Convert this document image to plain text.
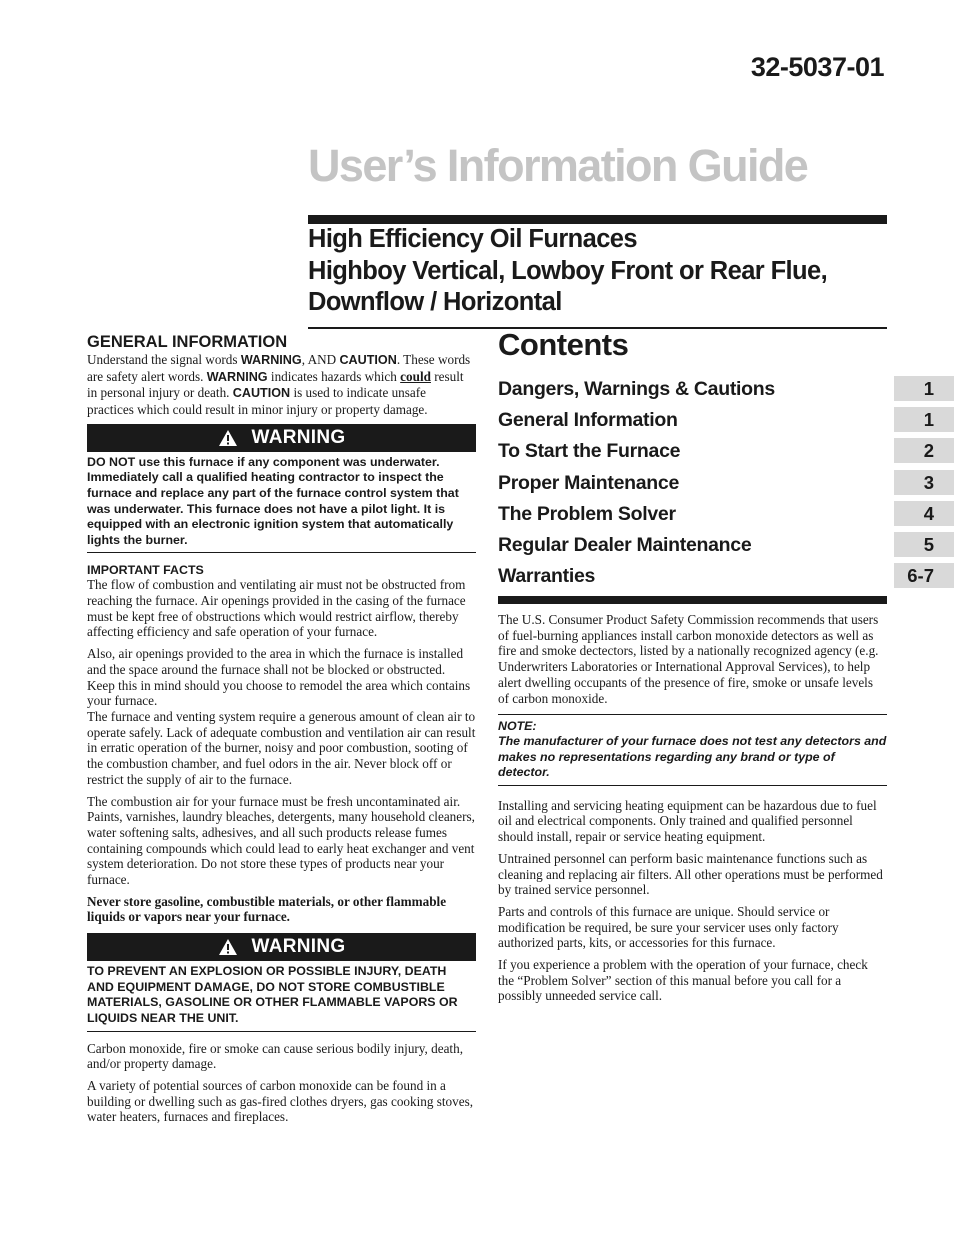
32-5037-01
User’s Information Guide
High Efficiency Oil Furnaces
Highboy Vertical, Lowboy Front or Rear Flue,
Downflow / Horizontal
GENERAL INFORMATION

Understand the signal words WARNING, AND CAUTION. These words are safety alert words. WARNING indicates hazards which could result in personal injury or death. CAUTION is used to indicate unsafe practices which could result in minor injury or property damage.

WARNING

DO NOT use this furnace if any component was underwater. Immediately call a qualified heating contractor to inspect the furnace and replace any part of the furnace control system that was underwater. This furnace does not have a pilot light. It is equipped with an electronic ignition system that automatically lights the burner.

IMPORTANT FACTS

The flow of combustion and ventilating air must not be obstructed from reaching the furnace. Air openings provided in the casing of the furnace must be kept free of obstructions which would restrict airflow, thereby affecting efficiency and safe operation of your furnace.

Also, air openings provided to the area in which the furnace is installed and the space around the furnace shall not be blocked or obstructed. Keep this in mind should you choose to remodel the area which contains your furnace.

The furnace and venting system require a generous amount of clean air to operate safely. Lack of adequate combustion and ventilation air can result in erratic operation of the burner, noisy and poor combustion, sooting of the combustion chamber, and fuel odors in the air. Never block off or restrict the supply of air to the furnace.

The combustion air for your furnace must be fresh uncontaminated air. Paints, varnishes, laundry bleaches, detergents, many household cleaners, water softening salts, adhesives, and all such products release fumes containing compounds which could lead to early heat exchanger and vent system deterioration. Do not store these types of products near your furnace.

Never store gasoline, combustible materials, or other flammable liquids or vapors near your furnace.

WARNING

TO PREVENT AN EXPLOSION OR POSSIBLE INJURY, DEATH AND EQUIPMENT DAMAGE, DO NOT STORE COMBUSTIBLE MATERIALS, GASOLINE OR OTHER FLAMMABLE VAPORS OR LIQUIDS NEAR THE UNIT.

Carbon monoxide, fire or smoke can cause serious bodily injury, death, and/or property damage.

A variety of potential sources of carbon monoxide can be found in a building or dwelling such as gas-fired clothes dryers, gas cooking stoves, water heaters, furnaces and fireplaces.

Contents
Dangers, Warnings & Cautions	1
General Information	1
To Start the Furnace	2
Proper Maintenance	3
The Problem Solver	4
Regular Dealer Maintenance	5
Warranties	6-7

The U.S. Consumer Product Safety Commission recommends that users of fuel-burning appliances install carbon monoxide detectors as well as fire and smoke dectectors, listed by a nationally recognized agency (e.g. Underwriters Laboratories or International Approval Services), to help alert dwelling occupants of the presence of fire, smoke or unsafe levels of carbon monoxide.

NOTE:
The manufacturer of your furnace does not test any detectors and makes no representations regarding any brand or type of detector.

Installing and servicing heating equipment can be hazardous due to fuel oil and electrical components. Only trained and qualified personnel should install, repair or service heating equipment.

Untrained personnel can perform basic maintenance functions such as cleaning and replacing air filters. All other operations must be performed by trained service personnel.

Parts and controls of this furnace are unique. Should service or modification be required, be sure your servicer uses only factory authorized parts, kits, or accessories for this furnace.

If you experience a problem with the operation of your furnace, check the “Problem Solver” section of this manual before you call for a possibly unneeded service call.
